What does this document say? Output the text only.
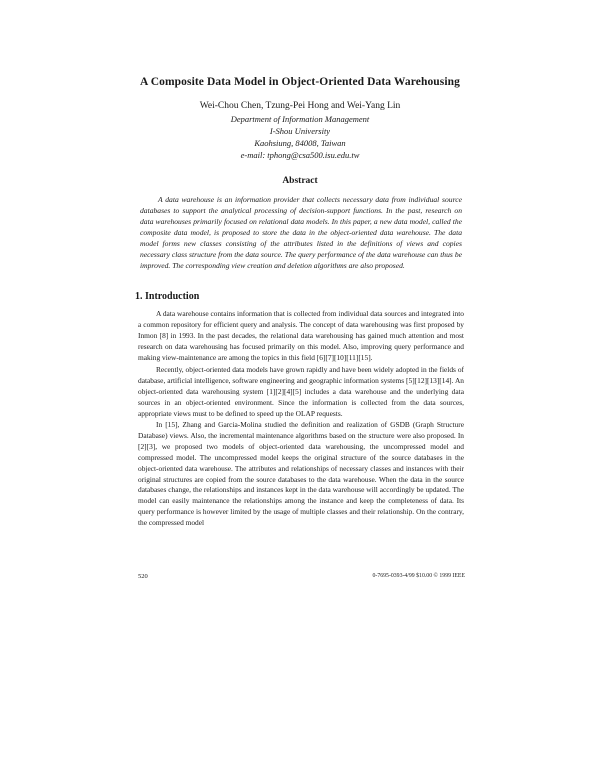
A Composite Data Model in Object-Oriented Data Warehousing
Wei-Chou Chen, Tzung-Pei Hong and Wei-Yang Lin
Department of Information Management
I-Shou University
Kaohsiung, 84008, Taiwan
e-mail: tphong@csa500.isu.edu.tw
Abstract

A data warehouse is an information provider that collects necessary data from individual source databases to support the analytical processing of decision-support functions. In the past, research on data warehouses primarily focused on relational data models. In this paper, a new data model, called the composite data model, is proposed to store the data in the object-oriented data warehouse. The data model forms new classes consisting of the attributes listed in the definitions of views and copies necessary class structure from the data source. The query performance of the data warehouse can thus be improved. The corresponding view creation and deletion algorithms are also proposed.

1. Introduction

A data warehouse contains information that is collected from individual data sources and integrated into a common repository for efficient query and analysis. The concept of data warehousing was first proposed by Inmon [8] in 1993. In the past decades, the relational data warehousing has gained much attention and most research on data warehousing has focused primarily on this model. Also, improving query performance and making view-maintenance are among the topics in this field [6][7][10][11][15].

Recently, object-oriented data models have grown rapidly and have been widely adopted in the fields of database, artificial intelligence, software engineering and geographic information systems [5][12][13][14]. An object-oriented data warehousing system [1][2][4][5] includes a data warehouse and the underlying data sources in an object-oriented environment. Since the information is collected from the data sources, appropriate views must to be defined to speed up the OLAP requests.

In [15], Zhang and Garcia-Molina studied the definition and realization of GSDB (Graph Structure Database) views. Also, the incremental maintenance algorithms based on the structure were also proposed. In [2][3], we proposed two models of object-oriented data warehousing, the uncompressed model and compressed model. The uncompressed model keeps the original structure of the source databases in the object-oriented data warehouse. The attributes and relationships of necessary classes and instances with their original structures are copied from the source databases to the data warehouse. When the data in the source databases change, the relationships and instances kept in the data warehouse will accordingly be updated. The model can easily maintenance the relationships among the instance and keep the completeness of data. Its query performance is however limited by the usage of multiple classes and their relationship. On the contrary, the compressed model

520	0-7695-0393-4/99 $10.00 © 1999 IEEE
